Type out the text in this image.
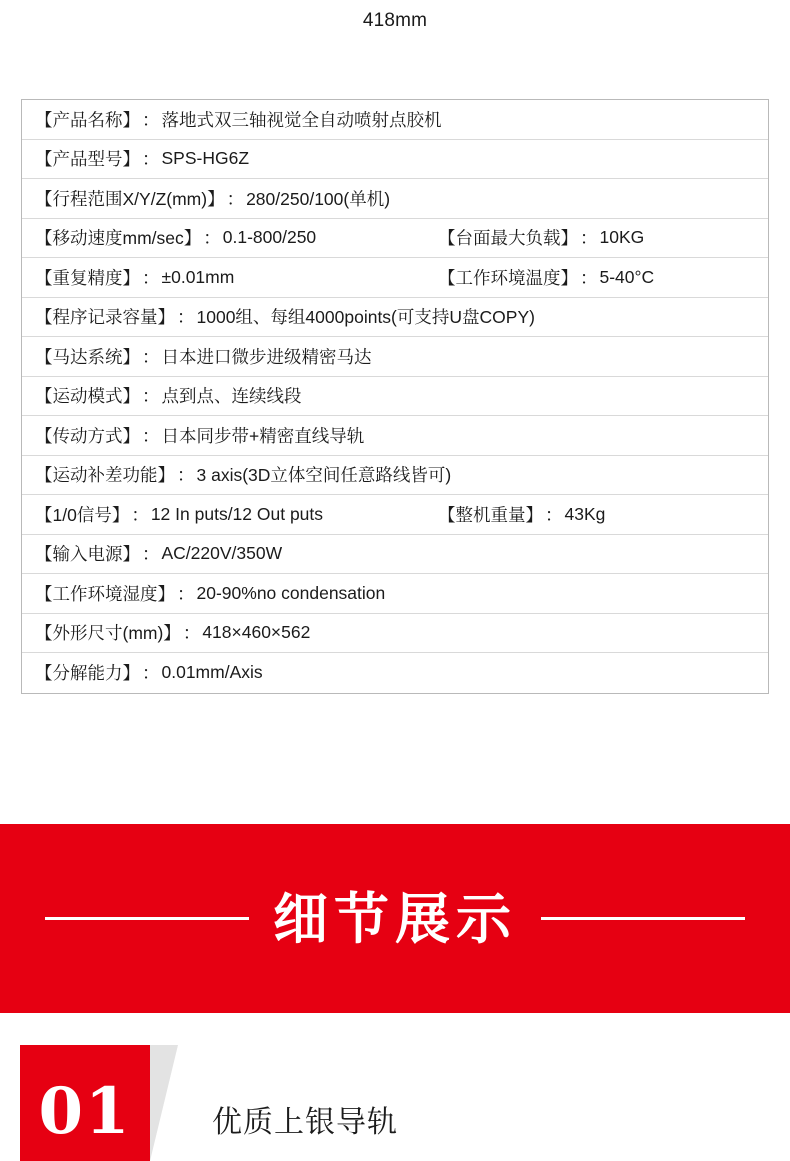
418mm
【产品名称】 ： 落地式双三轴视觉全自动喷射点胶机
【产品型号】 ： SPS-HG6Z
【行程范围X/Y/Z(mm)】 ： 280/250/100(单机)
【移动速度mm/sec】 ： 0.1-800/250	【台面最大负载】 ： 10KG
【重复精度】 ： ±0.01mm	【工作环境温度】 ： 5-40°C
【程序记录容量】 ： 1000组、每组4000points(可支持U盘COPY)
【马达系统】 ： 日本进口微步进级精密马达
【运动模式】 ： 点到点、连续线段
【传动方式】 ： 日本同步带+精密直线导轨
【运动补差功能】 ： 3 axis(3D立体空间任意路线皆可)
【1/0信号】 ： 12 In puts/12 Out puts	【整机重量】 ： 43Kg
【输入电源】 ： AC/220V/350W
【工作环境湿度】 ： 20-90%no condensation
【外形尺寸(mm)】 ： 418×460×562
【分解能力】 ： 0.01mm/Axis
细节展示
01	优质上银导轨
